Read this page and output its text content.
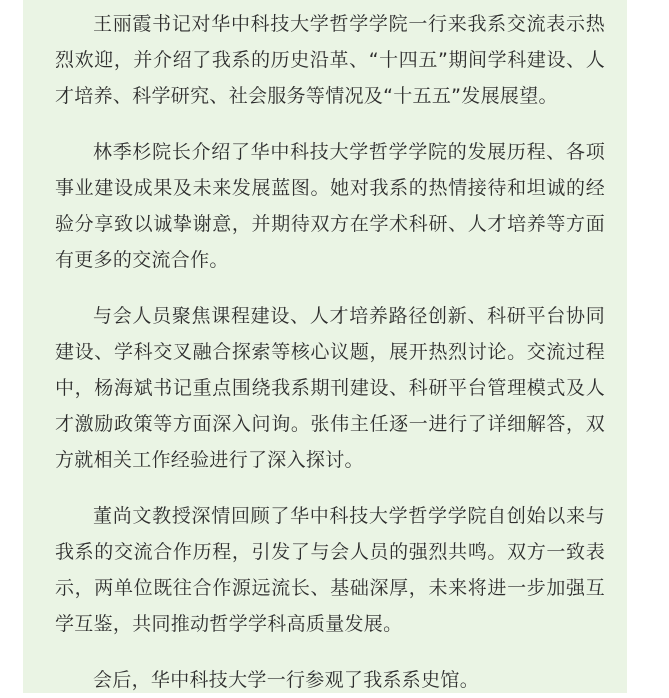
王丽霞书记对华中科技大学哲学学院一行来我系交流表示热烈欢迎，并介绍了我系的历史沿革、“十四五”期间学科建设、人才培养、科学研究、社会服务等情况及“十五五”发展展望。

林季杉院长介绍了华中科技大学哲学学院的发展历程、各项事业建设成果及未来发展蓝图。她对我系的热情接待和坦诚的经验分享致以诚挚谢意，并期待双方在学术科研、人才培养等方面有更多的交流合作。

与会人员聚焦课程建设、人才培养路径创新、科研平台协同建设、学科交叉融合探索等核心议题，展开热烈讨论。交流过程中，杨海斌书记重点围绕我系期刊建设、科研平台管理模式及人才激励政策等方面深入问询。张伟主任逐一进行了详细解答，双方就相关工作经验进行了深入探讨。

董尚文教授深情回顾了华中科技大学哲学学院自创始以来与我系的交流合作历程，引发了与会人员的强烈共鸣。双方一致表示，两单位既往合作源远流长、基础深厚，未来将进一步加强互学互鉴，共同推动哲学学科高质量发展。

会后，华中科技大学一行参观了我系系史馆。
